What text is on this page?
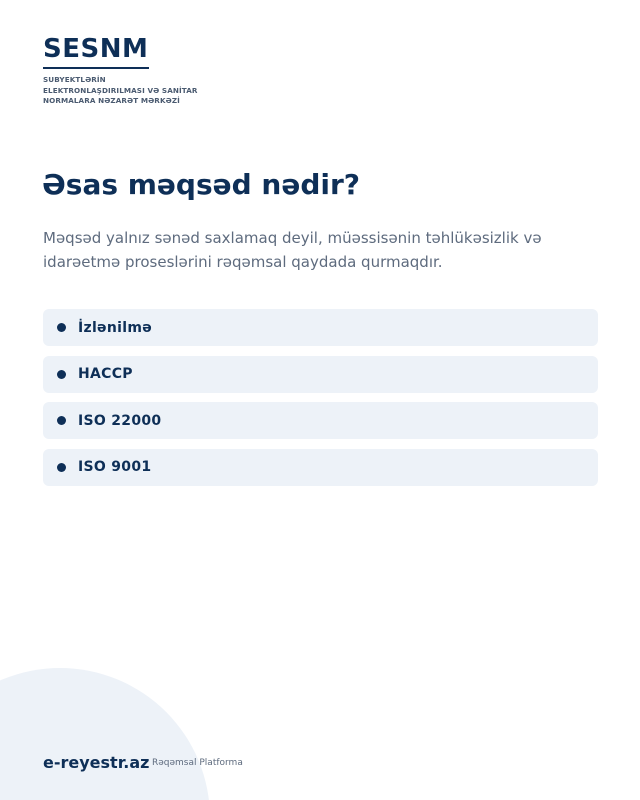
SESNM
SUBYEKTLƏRİN
ELEKTRONLAŞDIRILMASI VƏ SANİTAR
NORMALARA NƏZARƏT MƏRKƏZİ
Əsas məqsəd nədir?

Məqsəd yalnız sənəd saxlamaq deyil, müəssisənin təhlükəsizlik və
idarəetmə proseslərini rəqəmsal qaydada qurmaqdır.

İzlənilmə
HACCP
ISO 22000
ISO 9001
e-reyestr.az Rəqəmsal Platforma
